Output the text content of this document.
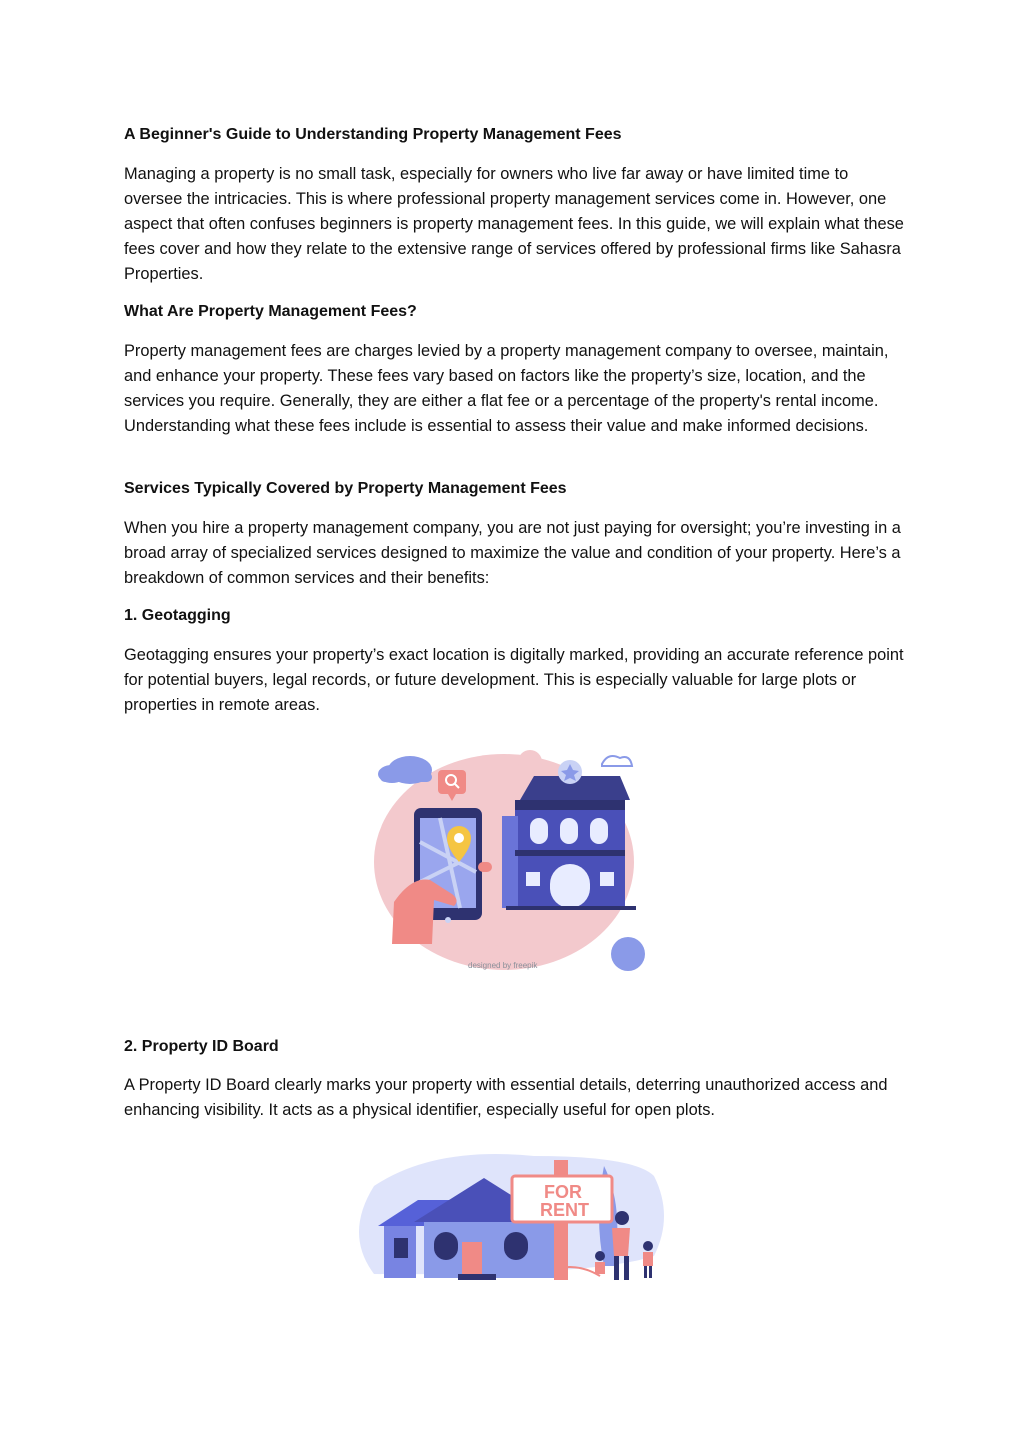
A Beginner's Guide to Understanding Property Management Fees

Managing a property is no small task, especially for owners who live far away or have limited time to oversee the intricacies. This is where professional property management services come in. However, one aspect that often confuses beginners is property management fees. In this guide, we will explain what these fees cover and how they relate to the extensive range of services offered by professional firms like Sahasra Properties.

What Are Property Management Fees?

Property management fees are charges levied by a property management company to oversee, maintain, and enhance your property. These fees vary based on factors like the property’s size, location, and the services you require. Generally, they are either a flat fee or a percentage of the property's rental income. Understanding what these fees include is essential to assess their value and make informed decisions.

Services Typically Covered by Property Management Fees

When you hire a property management company, you are not just paying for oversight; you’re investing in a broad array of specialized services designed to maximize the value and condition of your property. Here’s a breakdown of common services and their benefits:

1. Geotagging

Geotagging ensures your property’s exact location is digitally marked, providing an accurate reference point for potential buyers, legal records, or future development. This is especially valuable for large plots or properties in remote areas.

designed by freepik
2. Property ID Board

A Property ID Board clearly marks your property with essential details, deterring unauthorized access and enhancing visibility. It acts as a physical identifier, especially useful for open plots.

FOR
RENT
